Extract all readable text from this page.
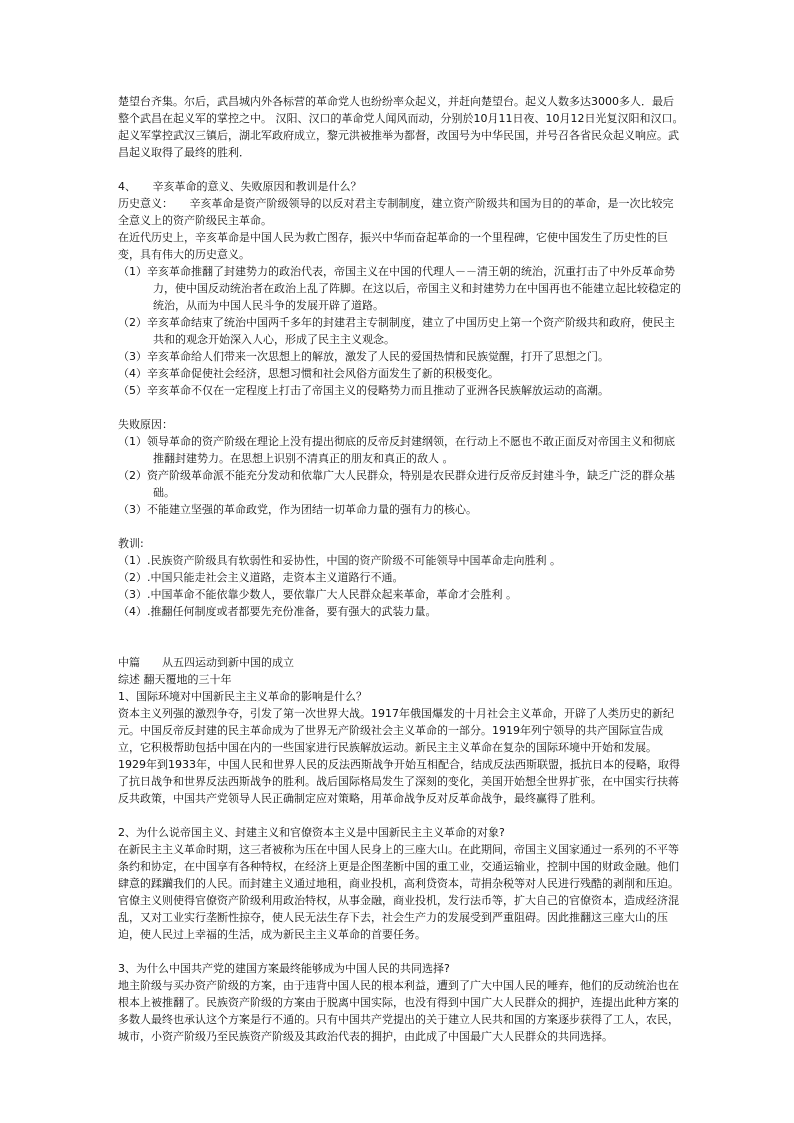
楚望台齐集。尔后，武昌城内外各标营的革命党人也纷纷率众起义，并赶向楚望台。起义人数多达3000多人．最后整个武昌在起义军的掌控之中。 汉阳、汉口的革命党人闻风而动，分别於10月11日夜、10月12日光复汉阳和汉口。起义军掌控武汉三镇后，湖北军政府成立，黎元洪被推举为都督，改国号为中华民国，并号召各省民众起义响应。武昌起义取得了最终的胜利．

4、　　辛亥革命的意义、失败原因和教训是什么？

历史意义：　　辛亥革命是资产阶级领导的以反对君主专制制度，建立资产阶级共和国为目的的革命，是一次比较完全意义上的资产阶级民主革命。

在近代历史上，辛亥革命是中国人民为救亡图存，振兴中华而奋起革命的一个里程碑，它使中国发生了历史性的巨变，具有伟大的历史意义。

（1）辛亥革命推翻了封建势力的政治代表，帝国主义在中国的代理人－－清王朝的统治，沉重打击了中外反革命势力，使中国反动统治者在政治上乱了阵脚。在这以后，帝国主义和封建势力在中国再也不能建立起比较稳定的统治，从而为中国人民斗争的发展开辟了道路。

（2）辛亥革命结束了统治中国两千多年的封建君主专制制度，建立了中国历史上第一个资产阶级共和政府，使民主共和的观念开始深入人心，形成了民主主义观念。

（3）辛亥革命给人们带来一次思想上的解放，激发了人民的爱国热情和民族觉醒，打开了思想之门。

（4）辛亥革命促使社会经济，思想习惯和社会风俗方面发生了新的积极变化。

（5）辛亥革命不仅在一定程度上打击了帝国主义的侵略势力而且推动了亚洲各民族解放运动的高潮。

失败原因：

（1）领导革命的资产阶级在理论上没有提出彻底的反帝反封建纲领，在行动上不愿也不敢正面反对帝国主义和彻底推翻封建势力。在思想上识别不清真正的朋友和真正的敌人 。

（2）资产阶级革命派不能充分发动和依靠广大人民群众，特别是农民群众进行反帝反封建斗争，缺乏广泛的群众基础。

（3）不能建立坚强的革命政党，作为团结一切革命力量的强有力的核心。

教训:

（1）.民族资产阶级具有软弱性和妥协性，中国的资产阶级不可能领导中国革命走向胜利 。

（2）.中国只能走社会主义道路，走资本主义道路行不通。

（3）.中国革命不能依靠少数人，要依靠广大人民群众起来革命，革命才会胜利 。

（4）.推翻任何制度或者都要先充份准备，要有强大的武装力量。

中篇　　从五四运动到新中国的成立

综述 翻天覆地的三十年

1、国际环境对中国新民主主义革命的影响是什么？

资本主义列强的激烈争夺，引发了第一次世界大战。1917年俄国爆发的十月社会主义革命，开辟了人类历史的新纪元。中国反帝反封建的民主革命成为了世界无产阶级社会主义革命的一部分。1919年列宁领导的共产国际宣告成立，它积极帮助包括中国在内的一些国家进行民族解放运动。新民主主义革命在复杂的国际环境中开始和发展。1929年到1933年，中国人民和世界人民的反法西斯战争开始互相配合，结成反法西斯联盟，抵抗日本的侵略，取得了抗日战争和世界反法西斯战争的胜利。战后国际格局发生了深刻的变化，美国开始想全世界扩张，在中国实行扶蒋反共政策，中国共产党领导人民正确制定应对策略，用革命战争反对反革命战争，最终赢得了胜利。

2、为什么说帝国主义、封建主义和官僚资本主义是中国新民主主义革命的对象?

在新民主主义革命时期，这三者被称为压在中国人民身上的三座大山。在此期间，帝国主义国家通过一系列的不平等条约和协定，在中国享有各种特权，在经济上更是企图垄断中国的重工业，交通运输业，控制中国的财政金融。他们肆意的蹂躏我们的人民。而封建主义通过地租，商业投机，高利贷资本，苛捐杂税等对人民进行残酷的剥削和压迫。官僚主义则使得官僚资产阶级利用政治特权，从事金融，商业投机，发行法币等，扩大自己的官僚资本，造成经济混乱，又对工业实行垄断性掠夺，使人民无法生存下去，社会生产力的发展受到严重阻碍。因此推翻这三座大山的压迫，使人民过上幸福的生活，成为新民主主义革命的首要任务。

3、为什么中国共产党的建国方案最终能够成为中国人民的共同选择?

地主阶级与买办资产阶级的方案，由于违背中国人民的根本利益，遭到了广大中国人民的唾弃，他们的反动统治也在根本上被推翻了。民族资产阶级的方案由于脱离中国实际，也没有得到中国广大人民群众的拥护，连提出此种方案的多数人最终也承认这个方案是行不通的。只有中国共产党提出的关于建立人民共和国的方案逐步获得了工人，农民，城市，小资产阶级乃至民族资产阶级及其政治代表的拥护，由此成了中国最广大人民群众的共同选择。
